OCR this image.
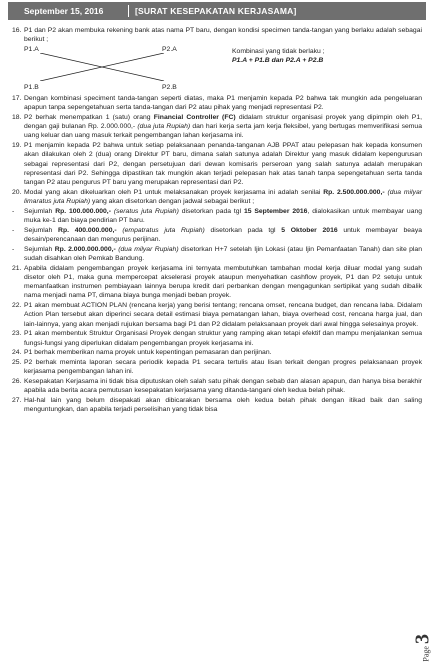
September 15, 2016	[SURAT KESEPAKATAN KERJASAMA]
16. P1 dan P2 akan membuka rekening bank atas nama PT baru, dengan kondisi specimen tanda-tangan yang berlaku adalah sebagai berikut ;
P1.A	P2.A
P1.B	P2.B
Kombinasi yang tidak berlaku ;
P1.A + P1.B dan P2.A + P2.B
17. Dengan kombinasi speciment tanda-tangan seperti diatas, maka P1 menjamin kepada P2 bahwa tak mungkin ada pengeluaran apapun tanpa sepengetahuan serta tanda-tangan dari P2 atau pihak yang menjadi representasi P2.
18. P2 berhak menempatkan 1 (satu) orang Financial Controller (FC) didalam struktur organisasi proyek yang dipimpin oleh P1, dengan gaji bulanan Rp. 2.000.000,- (dua juta Rupiah) dan hari kerja serta jam kerja fleksibel, yang bertugas memverifikasi semua uang keluar dan uang masuk terkait pengembangan lahan kerjasama ini.
19. P1 menjamin kepada P2 bahwa untuk setiap pelaksanaan penanda-tanganan AJB PPAT atau pelepasan hak kepada konsumen akan dilakukan oleh 2 (dua) orang Direktur PT baru, dimana salah satunya adalah Direktur yang masuk didalam kepengurusan sebagai representasi dari P2, dengan persetujuan dari dewan komisaris perseroan yang salah satunya adalah merupakan representasi dari P2. Sehingga dipastikan tak mungkin akan terjadi pelepasan hak atas tanah tanpa sepengetahuan serta tanda tangan P2 atau pengurus PT baru yang merupakan representasi dari P2.
20. Modal yang akan dikeluarkan oleh P1 untuk melaksanakan proyek kerjasama ini adalah senilai Rp. 2.500.000.000,- (dua milyar limaratus juta Rupiah) yang akan disetorkan dengan jadwal sebagai berikut ;
-	Sejumlah Rp. 100.000.000,- (seratus juta Rupiah) disetorkan pada tgl 15 September 2016, dialokasikan untuk membayar uang muka ke-1 dan biaya pendirian PT baru.
-	Sejumlah Rp. 400.000.000,- (empatratus juta Rupiah) disetorkan pada tgl 5 Oktober 2016 untuk membayar beaya desain/perencanaan dan mengurus perijinan.
-	Sejumlah Rp. 2.000.000.000,- (dua milyar Rupiah) disetorkan H+7 setelah Ijin Lokasi (atau Ijin Pemanfaatan Tanah) dan site plan sudah disahkan oleh Pemkab Bandung.
21. Apabila didalam pengembangan proyek kerjasama ini ternyata membutuhkan tambahan modal kerja diluar modal yang sudah disetor oleh P1, maka guna mempercepat akselerasi proyek ataupun menyehatkan cashflow proyek, P1 dan P2 setuju untuk memanfaatkan instrumen pembiayaan lainnya berupa kredit dari perbankan dengan mengagunkan sertipikat yang sudah dibalik nama menjadi nama PT, dimana biaya bunga menjadi beban proyek.
22. P1 akan membuat ACTION PLAN (rencana kerja) yang berisi tentang; rencana omset, rencana budget, dan rencana laba. Didalam Action Plan tersebut akan diperinci secara detail estimasi biaya pematangan lahan, biaya overhead cost, rencana harga jual, dan lain-lainnya, yang akan menjadi rujukan bersama bagi P1 dan P2 didalam pelaksanaan proyek dari awal hingga selesainya proyek.
23. P1 akan membentuk Struktur Organisasi Proyek dengan struktur yang ramping akan tetapi efektif dan mampu menjalankan semua fungsi-fungsi yang diperlukan didalam pengembangan proyek kerjasama ini.
24. P1 berhak memberikan nama proyek untuk kepentingan pemasaran dan perijinan.
25. P2 berhak meminta laporan secara periodik kepada P1 secara tertulis atau lisan terkait dengan progres pelaksanaan proyek kerjasama pengembangan lahan ini.
26. Kesepakatan Kerjasama ini tidak bisa diputuskan oleh salah satu pihak dengan sebab dan alasan apapun, dan hanya bisa berakhir apabila ada berita acara pemutusan kesepakatan kerjasama yang ditanda-tangani oleh kedua belah pihak.
27. Hal-hal lain yang belum disepakati akan dibicarakan bersama oleh kedua belah pihak dengan itikad baik dan saling menguntungkan, dan apabila terjadi perselisihan yang tidak bisa
Page 3
